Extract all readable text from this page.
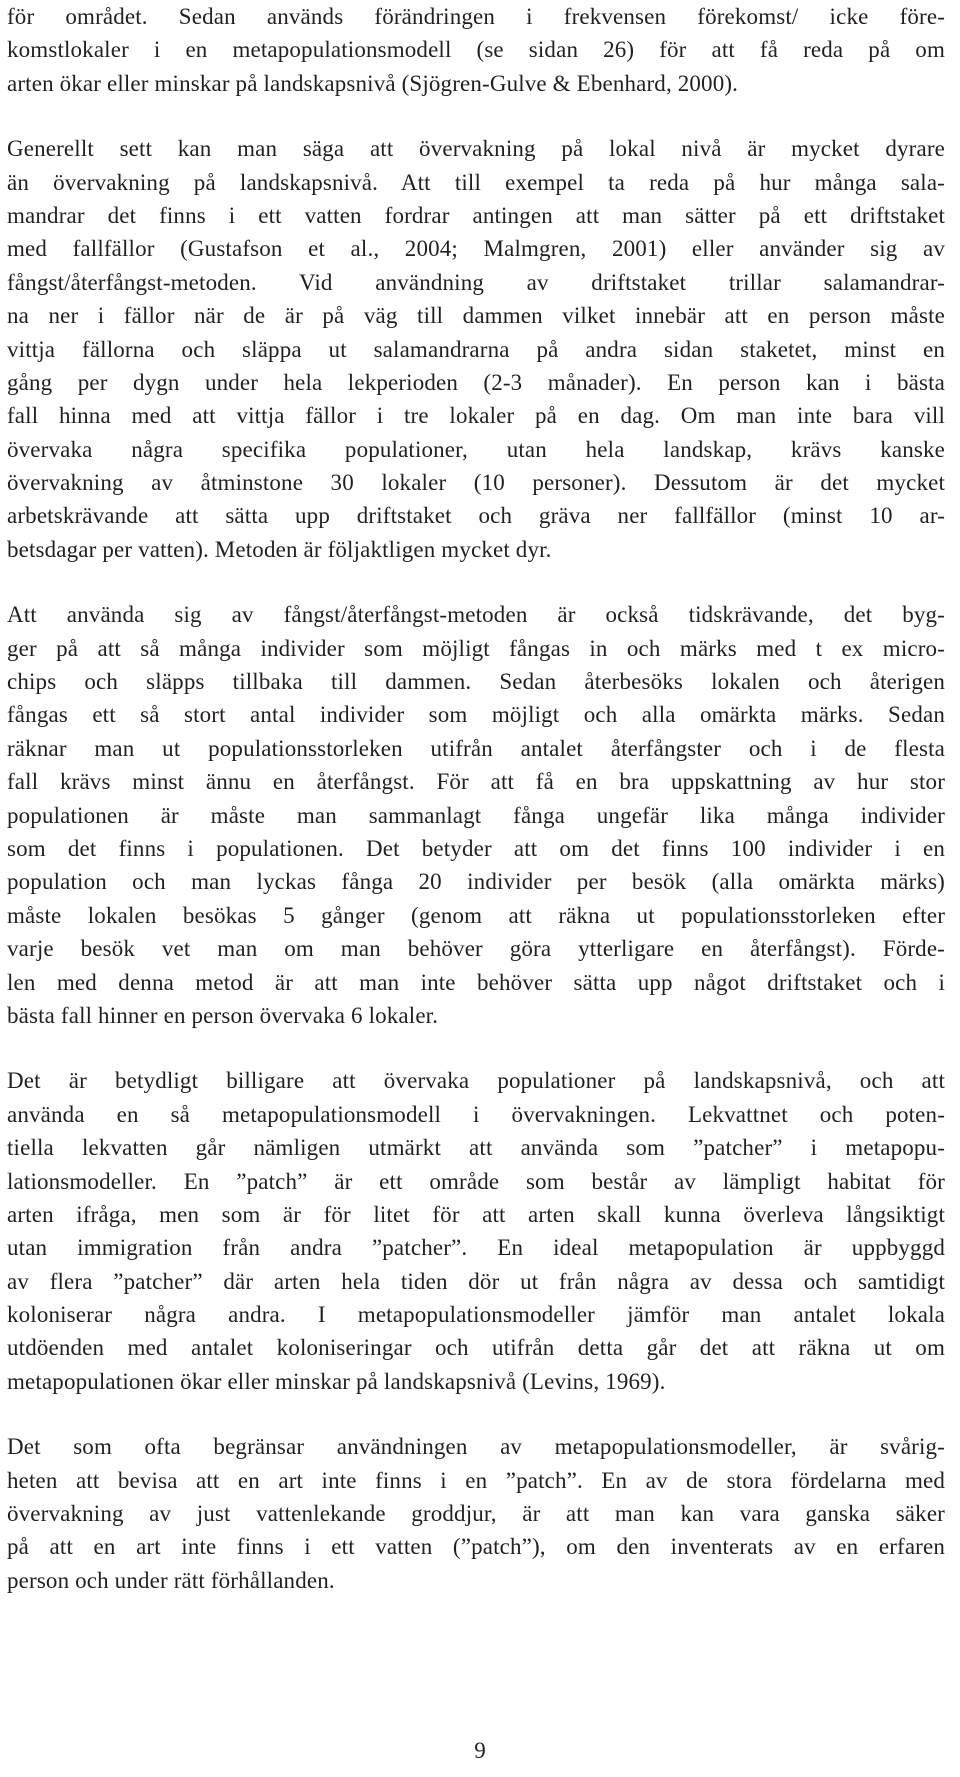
för området. Sedan används förändringen i frekvensen förekomst/ icke före-
komstlokaler i en metapopulationsmodell (se sidan 26) för att få reda på om
arten ökar eller minskar på landskapsnivå (Sjögren-Gulve & Ebenhard, 2000).
Generellt sett kan man säga att övervakning på lokal nivå är mycket dyrare
än övervakning på landskapsnivå. Att till exempel ta reda på hur många sala-
mandrar det finns i ett vatten fordrar antingen att man sätter på ett driftstaket
med fallfällor (Gustafson et al., 2004; Malmgren, 2001) eller använder sig av
fångst/återfångst-metoden. Vid användning av driftstaket trillar salamandrar-
na ner i fällor när de är på väg till dammen vilket innebär att en person måste
vittja fällorna och släppa ut salamandrarna på andra sidan staketet, minst en
gång per dygn under hela lekperioden (2-3 månader). En person kan i bästa
fall hinna med att vittja fällor i tre lokaler på en dag. Om man inte bara vill
övervaka några specifika populationer, utan hela landskap, krävs kanske
övervakning av åtminstone 30 lokaler (10 personer). Dessutom är det mycket
arbetskrävande att sätta upp driftstaket och gräva ner fallfällor (minst 10 ar-
betsdagar per vatten). Metoden är följaktligen mycket dyr.
Att använda sig av fångst/återfångst-metoden är också tidskrävande, det byg-
ger på att så många individer som möjligt fångas in och märks med t ex micro-
chips och släpps tillbaka till dammen. Sedan återbesöks lokalen och återigen
fångas ett så stort antal individer som möjligt och alla omärkta märks. Sedan
räknar man ut populationsstorleken utifrån antalet återfångster och i de flesta
fall krävs minst ännu en återfångst. För att få en bra uppskattning av hur stor
populationen är måste man sammanlagt fånga ungefär lika många individer
som det finns i populationen. Det betyder att om det finns 100 individer i en
population och man lyckas fånga 20 individer per besök (alla omärkta märks)
måste lokalen besökas 5 gånger (genom att räkna ut populationsstorleken efter
varje besök vet man om man behöver göra ytterligare en återfångst). Förde-
len med denna metod är att man inte behöver sätta upp något driftstaket och i
bästa fall hinner en person övervaka 6 lokaler.
Det är betydligt billigare att övervaka populationer på landskapsnivå, och att
använda en så metapopulationsmodell i övervakningen. Lekvattnet och poten-
tiella lekvatten går nämligen utmärkt att använda som ”patcher” i metapopu-
lationsmodeller. En ”patch” är ett område som består av lämpligt habitat för
arten ifråga, men som är för litet för att arten skall kunna överleva långsiktigt
utan immigration från andra ”patcher”. En ideal metapopulation är uppbyggd
av flera ”patcher” där arten hela tiden dör ut från några av dessa och samtidigt
koloniserar några andra. I metapopulationsmodeller jämför man antalet lokala
utdöenden med antalet koloniseringar och utifrån detta går det att räkna ut om
metapopulationen ökar eller minskar på landskapsnivå (Levins, 1969).
Det som ofta begränsar användningen av metapopulationsmodeller, är svårig-
heten att bevisa att en art inte finns i en ”patch”. En av de stora fördelarna med
övervakning av just vattenlekande groddjur, är att man kan vara ganska säker
på att en art inte finns i ett vatten (”patch”), om den inventerats av en erfaren
person och under rätt förhållanden.
9
